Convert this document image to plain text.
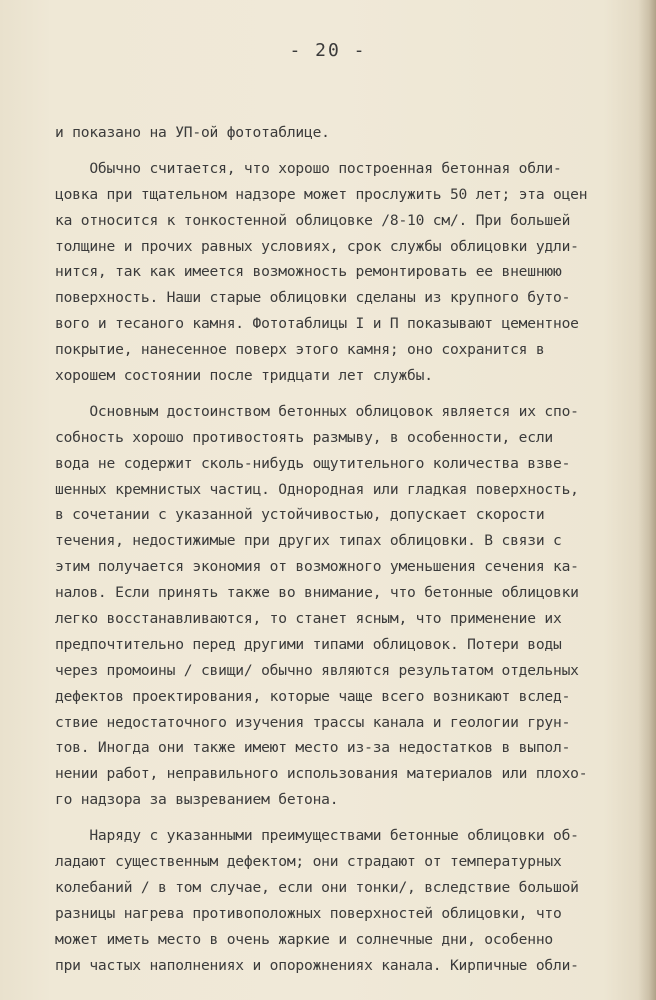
- 20 -
и показано на УП-ой фототаблице.
Обычно считается, что хорошо построенная бетонная обли-
цовка при тщательном надзоре может прослужить 50 лет; эта оцен
ка относится к тонкостенной облицовке /8-10 см/. При большей
толщине и прочих равных условиях, срок службы облицовки удли-
нится, так как имеется возможность ремонтировать ее внешнюю
поверхность. Наши старые облицовки сделаны из крупного буто-
вого и тесаного камня. Фототаблицы I и П показывают цементное
покрытие, нанесенное поверх этого камня; оно сохранится в
хорошем состоянии после тридцати лет службы.
Основным достоинством бетонных облицовок является их спо-
собность хорошо противостоять размыву, в особенности, если
вода не содержит сколь-нибудь ощутительного количества взве-
шенных кремнистых частиц. Однородная или гладкая поверхность,
в сочетании с указанной устойчивостью, допускает скорости
течения, недостижимые при других типах облицовки. В связи с
этим получается экономия от возможного уменьшения сечения ка-
налов. Если принять также во внимание, что бетонные облицовки
легко восстанавливаются, то станет ясным, что применение их
предпочтительно перед другими типами облицовок. Потери воды
через промоины / свищи/ обычно являются результатом отдельных
дефектов проектирования, которые чаще всего возникают вслед-
ствие недостаточного изучения трассы канала и геологии грун-
тов. Иногда они также имеют место из-за недостатков в выпол-
нении работ, неправильного использования материалов или плохо-
го надзора за вызреванием бетона.
Наряду с указанными преимуществами бетонные облицовки об-
ладают существенным дефектом; они страдают от температурных
колебаний / в том случае, если они тонки/, вследствие большой
разницы нагрева противоположных поверхностей облицовки, что
может иметь место в очень жаркие и солнечные дни, особенно
при частых наполнениях и опорожнениях канала. Кирпичные обли-
